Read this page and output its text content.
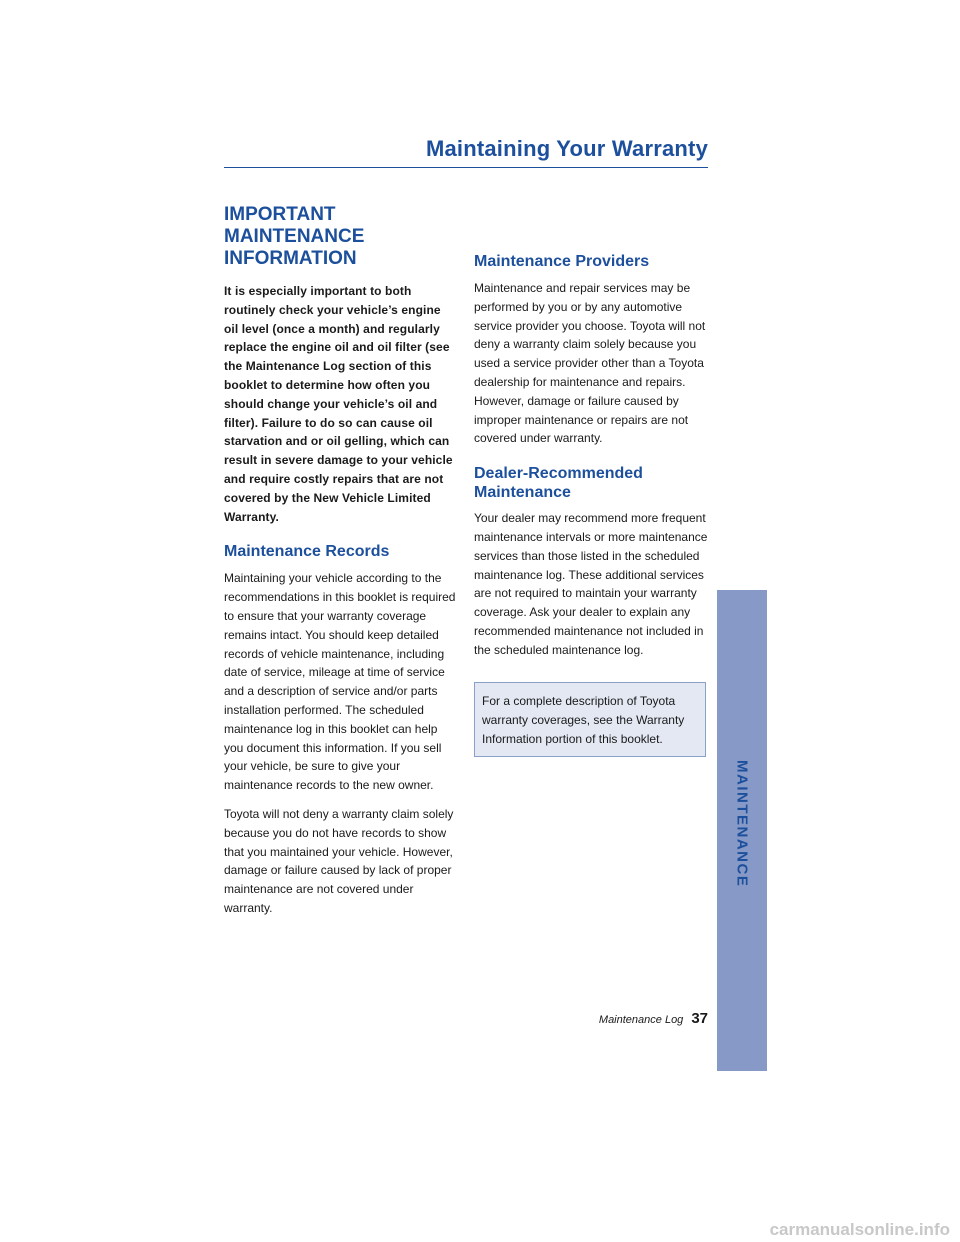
Maintaining Your Warranty
IMPORTANT MAINTENANCE
INFORMATION

It is especially important to both routinely check your vehicle’s engine oil level (once a month) and regularly replace the engine oil and oil filter (see the Maintenance Log section of this booklet to determine how often you should change your vehicle’s oil and filter). Failure to do so can cause oil starvation and or oil gelling, which can result in severe damage to your vehicle and require costly repairs that are not covered by the New Vehicle Limited Warranty.

Maintenance Records

Maintaining your vehicle according to the recommendations in this booklet is required to ensure that your warranty coverage remains intact. You should keep detailed records of vehicle maintenance, including date of service, mileage at time of service and a description of service and/or parts installation performed. The scheduled maintenance log in this booklet can help you document this information. If you sell your vehicle, be sure to give your maintenance records to the new owner.

Toyota will not deny a warranty claim solely because you do not have records to show that you maintained your vehicle. However, damage or failure caused by lack of proper maintenance are not covered under warranty.

Maintenance Providers

Maintenance and repair services may be performed by you or by any automotive service provider you choose. Toyota will not deny a warranty claim solely because you used a service provider other than a Toyota dealership for maintenance and repairs. However, damage or failure caused by improper maintenance or repairs are not covered under warranty.

Dealer-Recommended
Maintenance

Your dealer may recommend more frequent maintenance intervals or more maintenance services than those listed in the scheduled maintenance log. These additional services are not required to maintain your warranty coverage. Ask your dealer to explain any recommended maintenance not included in the scheduled maintenance log.

For a complete description of Toyota warranty coverages, see the Warranty Information portion of this booklet.

MAINTENANCE
Maintenance Log 37
carmanualsonline.info
